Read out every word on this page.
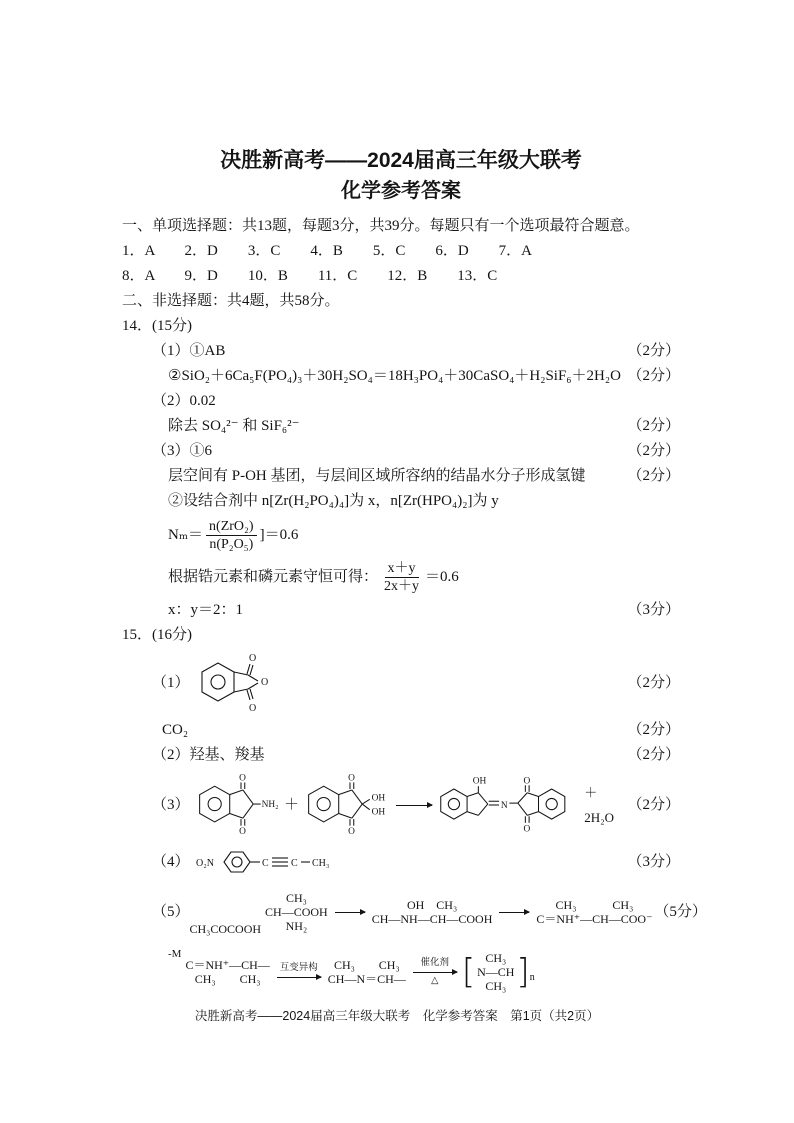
决胜新高考——2024届高三年级大联考
化学参考答案
一、单项选择题：共13题，每题3分，共39分。每题只有一个选项最符合题意。
1．A　　2．D　　3．C　　4．B　　5．C　　6．D　　7．A
8．A　　9．D　　10．B　　11．C　　12．B　　13．C
二、非选择题：共4题，共58分。
14．(15分)
（1）①AB	（2分）
②SiO₂＋6Ca₅F(PO₄)₃＋30H₂SO₄＝18H₃PO₄＋30CaSO₄＋H₂SiF₆＋2H₂O （2分）
（2）0.02
除去 SO₄²⁻ 和 SiF₆²⁻	（2分）
（3）①6	（2分）
层空间有 P-OH 基团，与层间区域所容纳的结晶水分子形成氢键	（2分）
②设结合剂中 n[Zr(H₂PO₄)₄]为 x，n[Zr(HPO₄)₂]为 y
$N_m= \frac{\text{n(ZrO₂)}}{\text{n(P₂O₅)}} ]=0.6$
根据锆元素和磷元素守恒可得： $\frac{x+y}{2x+y} =0.6$
x：y＝2：1	（3分）
15．(16分)
（1）
O
O
O	（2分）
CO₂	（2分）
（2）羟基、羧基	（2分）
（3）
O
O
NH₂ ＋
O
O
OH
OH
OH
N
O
O
＋ 2H₂O
（2分）
（4） O₂N	C C CH₃	（3分）
（5）
CH₃COCOOH
CH₃
CH—COOH
NH₂
OH　CH₃
CH—NH—CH—COOH →
CH₃　　　CH₃
C＝NH⁺—CH—COO⁻ （5分）
-M
C＝NH⁺—CH—
CH₃　　CH₃
互变异构 CH₃　　CH₃
CH—N＝CH—
催化剂
△ [ CH₃
N—CH
CH₃ ] n
决胜新高考——2024届高三年级大联考　化学参考答案　第1页（共2页）
